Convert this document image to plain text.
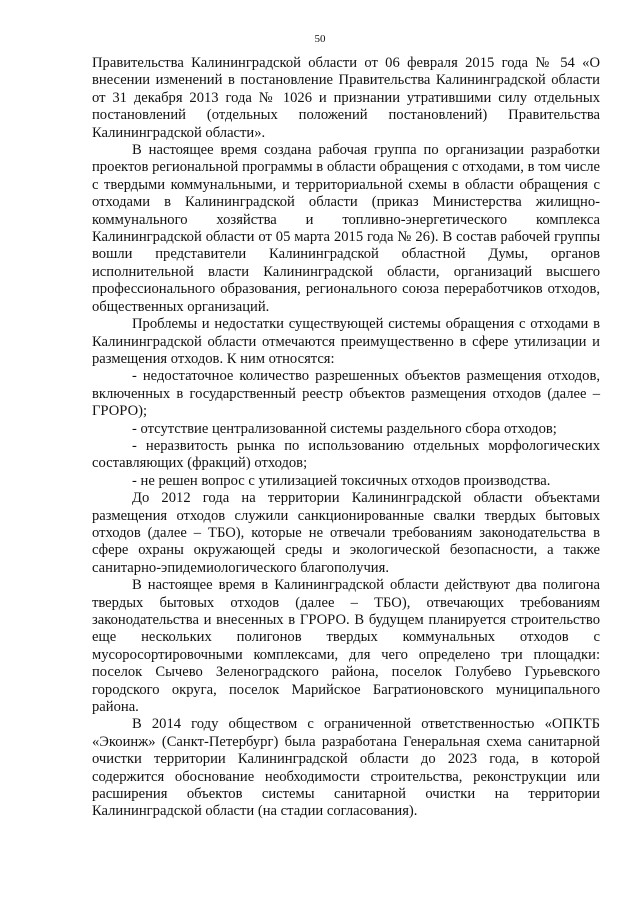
50

Правительства Калининградской области от 06 февраля 2015 года № 54 «О внесении изменений в постановление Правительства Калининградской области от 31 декабря 2013 года № 1026 и признании утратившими силу отдельных постановлений (отдельных положений постановлений) Правительства Калининградской области».

В настоящее время создана рабочая группа по организации разработки проектов региональной программы в области обращения с отходами, в том числе с твердыми коммунальными, и территориальной схемы в области обращения с отходами в Калининградской области (приказ Министерства жилищно-коммунального хозяйства и топливно-энергетического комплекса Калининградской области от 05 марта 2015 года № 26). В состав рабочей группы вошли представители Калининградской областной Думы, органов исполнительной власти Калининградской области, организаций высшего профессионального образования, регионального союза переработчиков отходов, общественных организаций.

Проблемы и недостатки существующей системы обращения с отходами в Калининградской области отмечаются преимущественно в сфере утилизации и размещения отходов. К ним относятся:

- недостаточное количество разрешенных объектов размещения отходов, включенных в государственный реестр объектов размещения отходов (далее – ГРОРО);

- отсутствие централизованной системы раздельного сбора отходов;

- неразвитость рынка по использованию отдельных морфологических составляющих (фракций) отходов;

- не решен вопрос с утилизацией токсичных отходов производства.

До 2012 года на территории Калининградской области объектами размещения отходов служили санкционированные свалки твердых бытовых отходов (далее – ТБО), которые не отвечали требованиям законодательства в сфере охраны окружающей среды и экологической безопасности, а также санитарно-эпидемиологического благополучия.

В настоящее время в Калининградской области действуют два полигона твердых бытовых отходов (далее – ТБО), отвечающих требованиям законодательства и внесенных в ГРОРО. В будущем планируется строительство еще нескольких полигонов твердых коммунальных отходов с мусоросортировочными комплексами, для чего определено три площадки: поселок Сычево Зеленоградского района, поселок Голубево Гурьевского городского округа, поселок Марийское Багратионовского муниципального района.

В 2014 году обществом с ограниченной ответственностью «ОПКТБ «Экоинж» (Санкт-Петербург) была разработана Генеральная схема санитарной очистки территории Калининградской области до 2023 года, в которой содержится обоснование необходимости строительства, реконструкции или расширения объектов системы санитарной очистки на территории Калининградской области (на стадии согласования).
